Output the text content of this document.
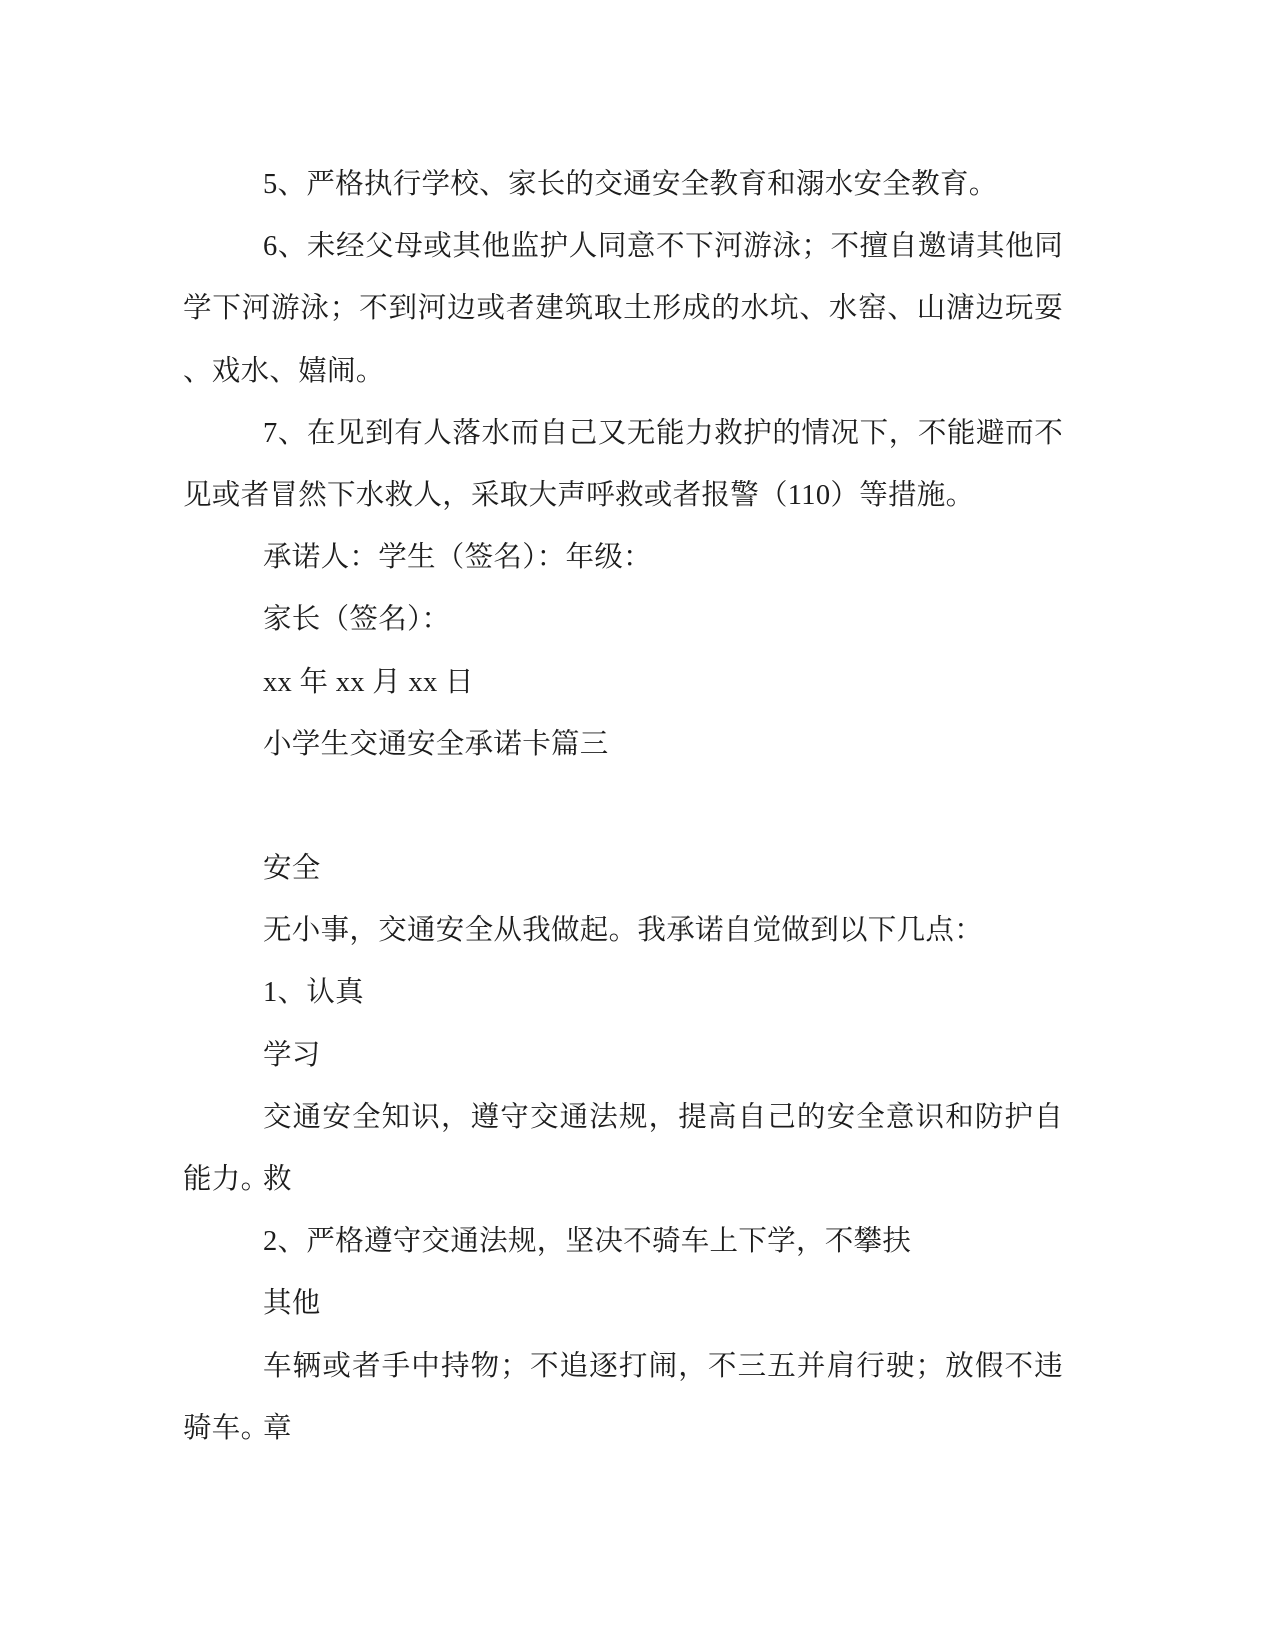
5、严格执行学校、家长的交通安全教育和溺水安全教育。
6、未经父母或其他监护人同意不下河游泳；不擅自邀请其他同
学下河游泳；不到河边或者建筑取土形成的水坑、水窑、山溏边玩耍
、戏水、嬉闹。
7、在见到有人落水而自己又无能力救护的情况下，不能避而不
见或者冒然下水救人，采取大声呼救或者报警（110）等措施。
承诺人：学生（签名）：年级：
家长（签名）：
xx 年 xx 月 xx 日
小学生交通安全承诺卡篇三

安全
无小事，交通安全从我做起。我承诺自觉做到以下几点：
1、认真
学习
交通安全知识，遵守交通法规，提高自己的安全意识和防护自救
能力。
2、严格遵守交通法规，坚决不骑车上下学，不攀扶
其他
车辆或者手中持物；不追逐打闹，不三五并肩行驶；放假不违章
骑车。
